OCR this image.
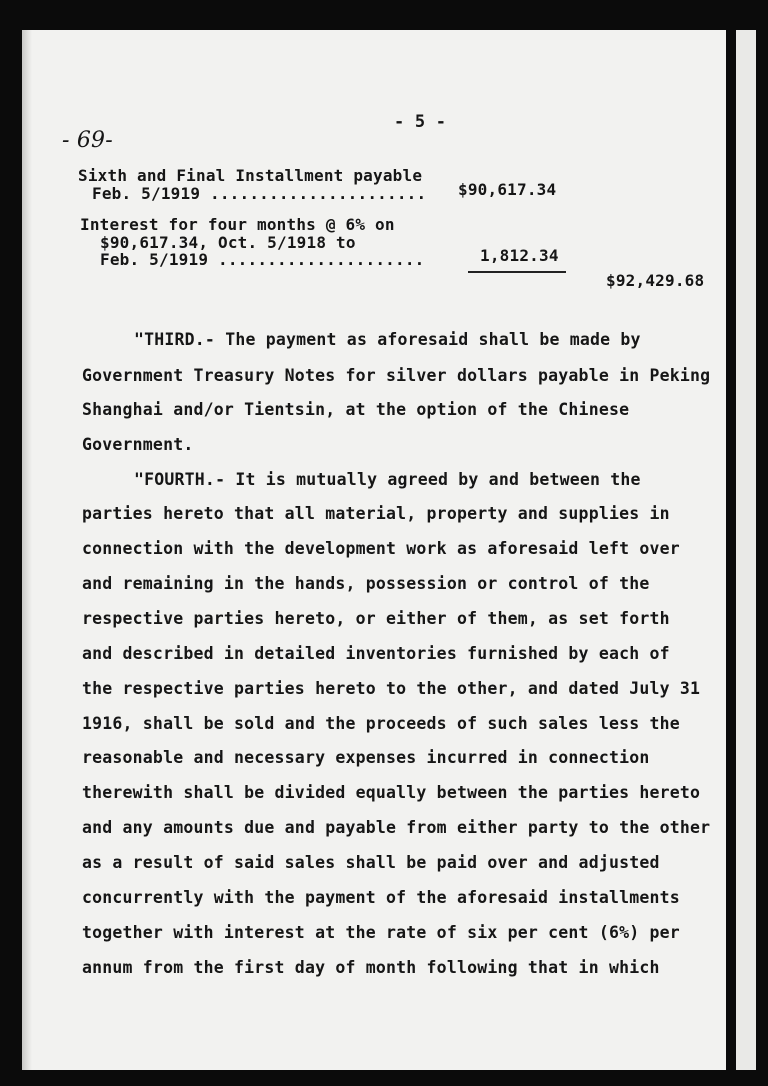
- 5 -
- 69-
Sixth and Final Installment payable
Feb. 5/1919 ...................... $90,617.34
Interest for four months @ 6% on
$90,617.34, Oct. 5/1918 to
Feb. 5/1919 .....................	1,812.34
$92,429.68
"THIRD.- The payment as aforesaid shall be made by
Government Treasury Notes for silver dollars payable in Peking
Shanghai and/or Tientsin, at the option of the Chinese
Government.
"FOURTH.- It is mutually agreed by and between the
parties hereto that all material, property and supplies in
connection with the development work as aforesaid left over
and remaining in the hands, possession or control of the
respective parties hereto, or either of them, as set forth
and described in detailed inventories furnished by each of
the respective parties hereto to the other, and dated July 31
1916, shall be sold and the proceeds of such sales less the
reasonable and necessary expenses incurred in connection
therewith shall be divided equally between the parties hereto
and any amounts due and payable from either party to the other
as a result of said sales shall be paid over and adjusted
concurrently with the payment of the aforesaid installments
together with interest at the rate of six per cent (6%) per
annum from the first day of month following that in which
